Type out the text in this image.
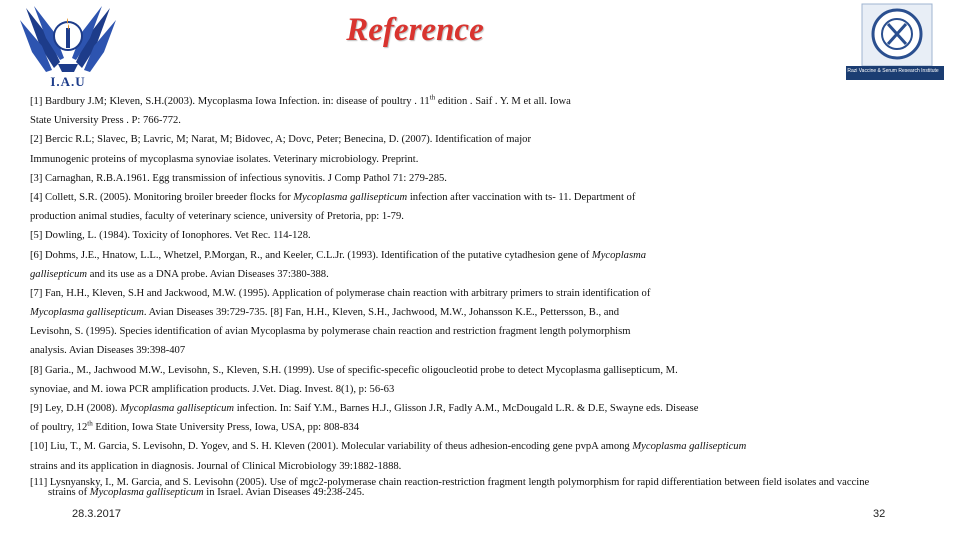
I.A.U
Reference
Razi Vaccine & Serum Research Institute
[1] Bardbury J.M; Kleven, S.H.(2003). Mycoplasma Iowa Infection. in: disease of poultry . 11th edition . Saif . Y. M et all. Iowa
State University Press . P: 766-772.
[2] Bercic R.L; Slavec, B; Lavric, M; Narat, M; Bidovec, A; Dovc, Peter; Benecina, D. (2007). Identification of major
Immunogenic proteins of mycoplasma synoviae isolates. Veterinary microbiology. Preprint.
[3] Carnaghan, R.B.A.1961. Egg transmission of infectious synovitis. J Comp Pathol 71: 279-285.
[4] Collett, S.R. (2005). Monitoring broiler breeder flocks for Mycoplasma gallisepticum infection after vaccination with ts- 11. Department of
production animal studies, faculty of veterinary science, university of Pretoria, pp: 1-79.
[5] Dowling, L. (1984). Toxicity of Ionophores. Vet Rec. 114-128.
[6] Dohms, J.E., Hnatow, L.L., Whetzel, P.Morgan, R., and Keeler, C.L.Jr. (1993). Identification of the putative cytadhesion gene of Mycoplasma
gallisepticum and its use as a DNA probe. Avian Diseases 37:380-388.
[7] Fan, H.H., Kleven, S.H and Jackwood, M.W. (1995). Application of polymerase chain reaction with arbitrary primers to strain identification of
Mycoplasma gallisepticum. Avian Diseases 39:729-735. [8] Fan, H.H., Kleven, S.H., Jachwood, M.W., Johansson K.E., Pettersson, B., and
Levisohn, S. (1995). Species identification of avian Mycoplasma by polymerase chain reaction and restriction fragment length polymorphism
analysis. Avian Diseases 39:398-407
[8] Garia., M., Jachwood M.W., Levisohn, S., Kleven, S.H. (1999). Use of specific-specefic oligoucleotid probe to detect Mycoplasma gallisepticum, M.
synoviae, and M. iowa PCR amplification products. J.Vet. Diag. Invest. 8(1), p: 56-63
[9] Ley, D.H (2008). Mycoplasma gallisepticum infection. In: Saif Y.M., Barnes H.J., Glisson J.R, Fadly A.M., McDougald L.R. & D.E, Swayne eds. Disease
of poultry, 12th Edition, Iowa State University Press, Iowa, USA, pp: 808-834
[10] Liu, T., M. Garcia, S. Levisohn, D. Yogev, and S. H. Kleven (2001). Molecular variability of theus adhesion-encoding gene pvpA among Mycoplasma gallisepticum
strains and its application in diagnosis. Journal of Clinical Microbiology 39:1882-1888.
[11] Lysnyansky, I., M. Garcia, and S. Levisohn (2005). Use of mgc2-polymerase chain reaction-restriction fragment length polymorphism for rapid differentiation between field isolates and vaccine
strains of Mycoplasma gallisepticum in Israel. Avian Diseases 49:238-245.
28.3.2017	32
